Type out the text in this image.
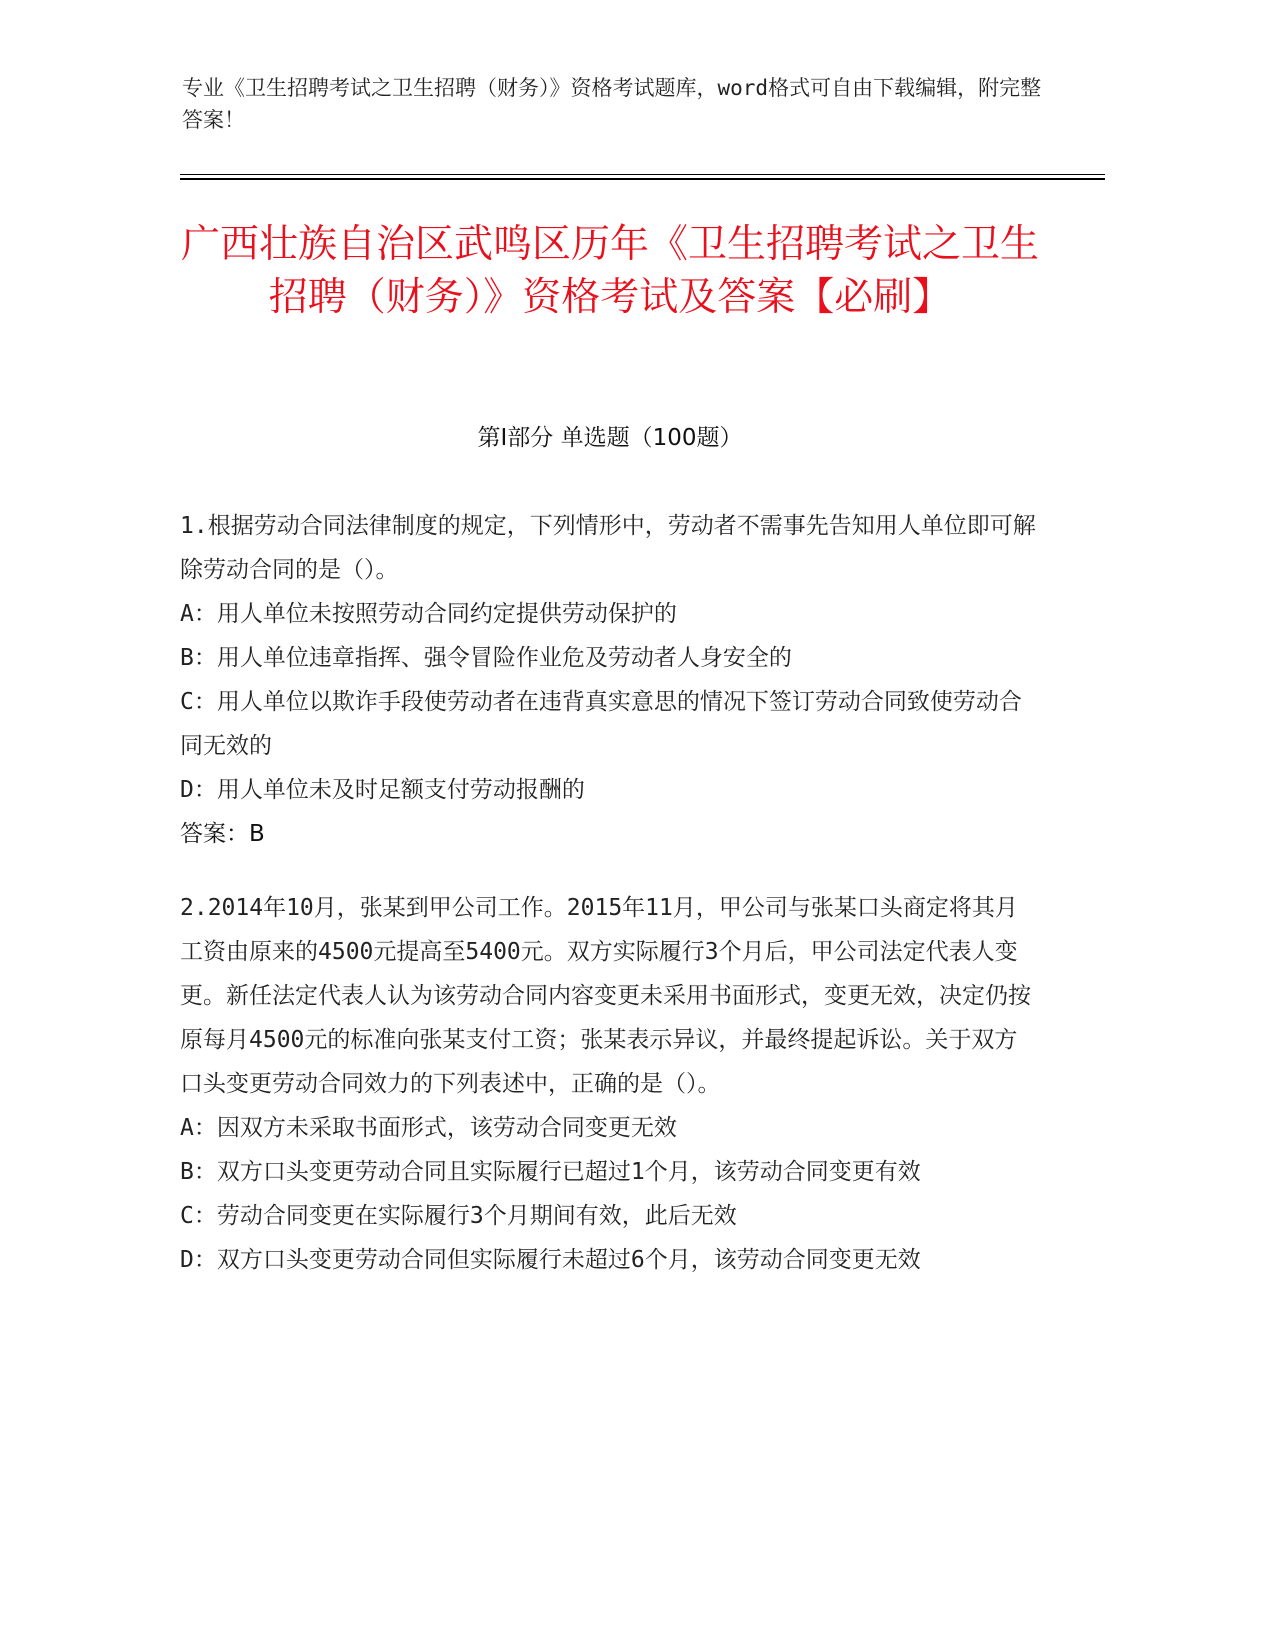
专业《卫生招聘考试之卫生招聘（财务）》资格考试题库，word格式可自由下载编辑，附完整答案！
广西壮族自治区武鸣区历年《卫生招聘考试之卫生招聘（财务）》资格考试及答案【必刷】
第I部分 单选题（100题）

1.根据劳动合同法律制度的规定，下列情形中，劳动者不需事先告知用人单位即可解除劳动合同的是（）。

A：用人单位未按照劳动合同约定提供劳动保护的

B：用人单位违章指挥、强令冒险作业危及劳动者人身安全的

C：用人单位以欺诈手段使劳动者在违背真实意思的情况下签订劳动合同致使劳动合同无效的

D：用人单位未及时足额支付劳动报酬的

答案：B

2.2014年10月，张某到甲公司工作。2015年11月，甲公司与张某口头商定将其月工资由原来的4500元提高至5400元。双方实际履行3个月后，甲公司法定代表人变更。新任法定代表人认为该劳动合同内容变更未采用书面形式，变更无效，决定仍按原每月4500元的标准向张某支付工资；张某表示异议，并最终提起诉讼。关于双方口头变更劳动合同效力的下列表述中，正确的是（）。

A：因双方未采取书面形式，该劳动合同变更无效

B：双方口头变更劳动合同且实际履行已超过1个月，该劳动合同变更有效

C：劳动合同变更在实际履行3个月期间有效，此后无效

D：双方口头变更劳动合同但实际履行未超过6个月，该劳动合同变更无效
